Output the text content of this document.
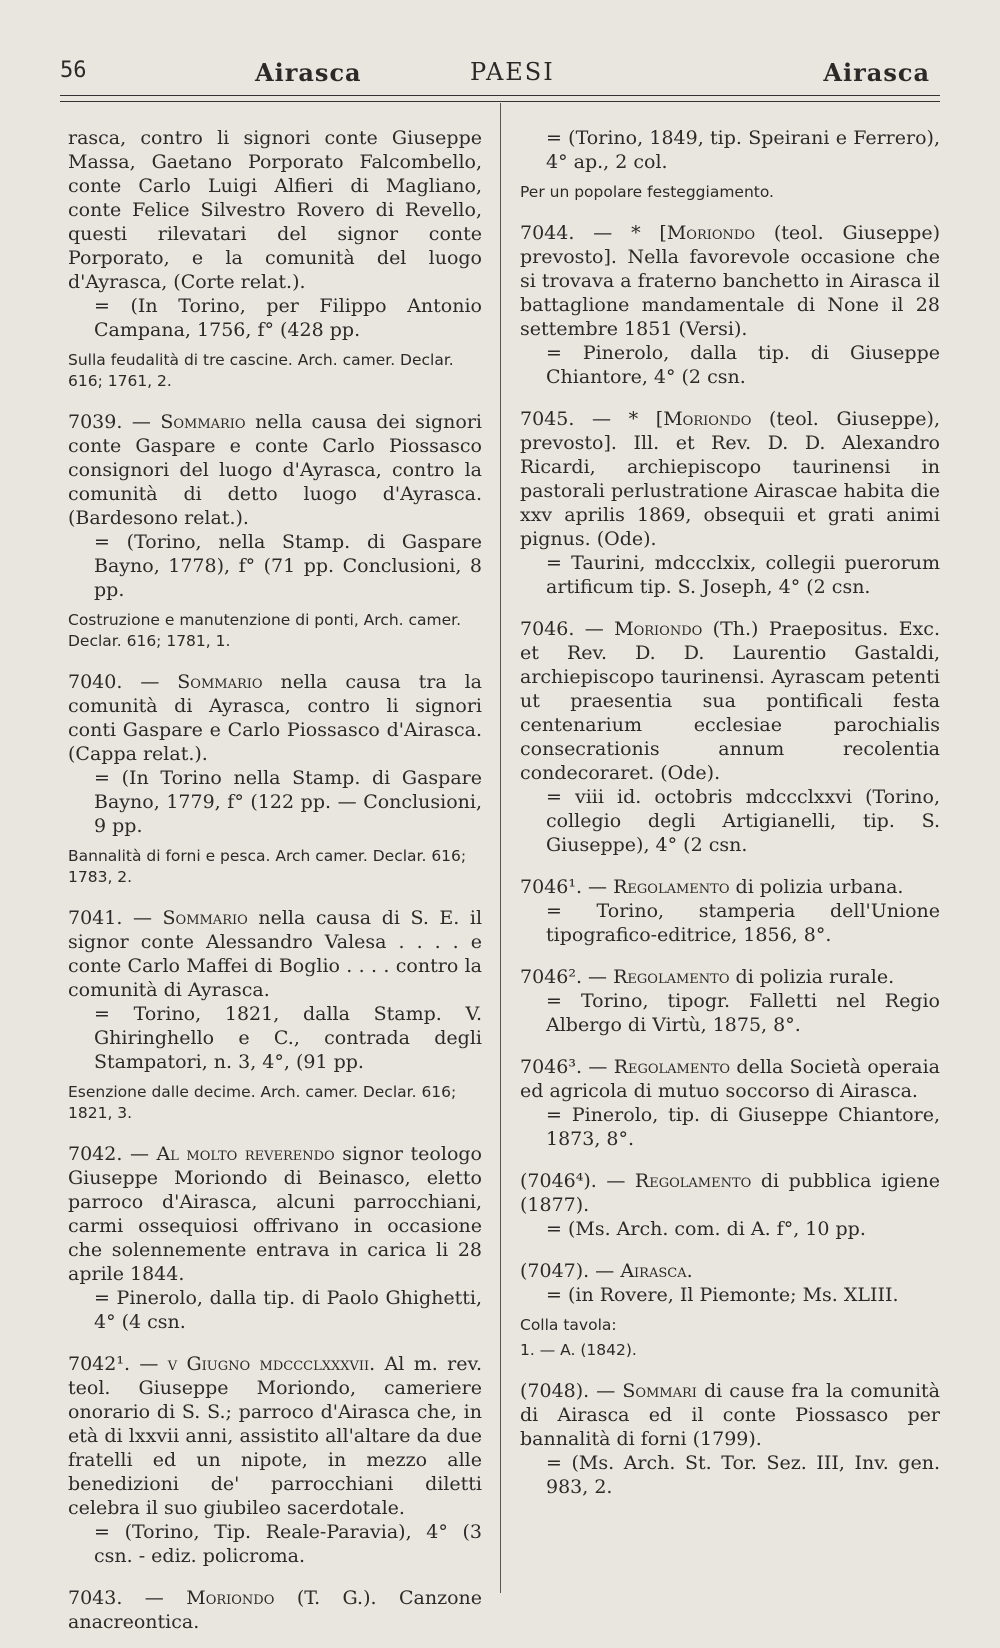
56	Airasca	PAESI	Airasca

rasca, contro li signori conte Giuseppe Massa, Gaetano Porporato Falcombello, conte Carlo Luigi Alfieri di Magliano, conte Felice Silvestro Rovero di Revello, questi rilevatari del signor conte Porporato, e la comunità del luogo d'Ayrasca, (Corte relat.).

= (In Torino, per Filippo Antonio Campana, 1756, f° (428 pp.

Sulla feudalità di tre cascine. Arch. camer. Declar. 616; 1761, 2.

7039. — Sommario nella causa dei signori conte Gaspare e conte Carlo Piossasco consignori del luogo d'Ayrasca, contro la comunità di detto luogo d'Ayrasca. (Bardesono relat.).

= (Torino, nella Stamp. di Gaspare Bayno, 1778), f° (71 pp. Conclusioni, 8 pp.

Costruzione e manutenzione di ponti, Arch. camer. Declar. 616; 1781, 1.

7040. — Sommario nella causa tra la comunità di Ayrasca, contro li signori conti Gaspare e Carlo Piossasco d'Airasca. (Cappa relat.).

= (In Torino nella Stamp. di Gaspare Bayno, 1779, f° (122 pp. — Conclusioni, 9 pp.

Bannalità di forni e pesca. Arch camer. Declar. 616; 1783, 2.

7041. — Sommario nella causa di S. E. il signor conte Alessandro Valesa . . . . e conte Carlo Maffei di Boglio . . . . contro la comunità di Ayrasca.

= Torino, 1821, dalla Stamp. V. Ghiringhello e C., contrada degli Stampatori, n. 3, 4°, (91 pp.

Esenzione dalle decime. Arch. camer. Declar. 616; 1821, 3.

7042. — Al molto reverendo signor teologo Giuseppe Moriondo di Beinasco, eletto parroco d'Airasca, alcuni parrocchiani, carmi ossequiosi offrivano in occasione che solennemente entrava in carica li 28 aprile 1844.

= Pinerolo, dalla tip. di Paolo Ghighetti, 4° (4 csn.

7042¹. — v Giugno mdccclxxxvii. Al m. rev. teol. Giuseppe Moriondo, cameriere onorario di S. S.; parroco d'Airasca che, in età di lxxvii anni, assistito all'altare da due fratelli ed un nipote, in mezzo alle benedizioni de' parrocchiani diletti celebra il suo giubileo sacerdotale.

= (Torino, Tip. Reale-Paravia), 4° (3 csn. - ediz. policroma.

7043. — Moriondo (T. G.). Canzone anacreontica.

= (Torino, 1849, tip. Speirani e Ferrero), 4° ap., 2 col.

Per un popolare festeggiamento.

7044. — * [Moriondo (teol. Giuseppe) prevosto]. Nella favorevole occasione che si trovava a fraterno banchetto in Airasca il battaglione mandamentale di None il 28 settembre 1851 (Versi).

= Pinerolo, dalla tip. di Giuseppe Chiantore, 4° (2 csn.

7045. — * [Moriondo (teol. Giuseppe), prevosto]. Ill. et Rev. D. D. Alexandro Ricardi, archiepiscopo taurinensi in pastorali perlustratione Airascae habita die xxv aprilis 1869, obsequii et grati animi pignus. (Ode).

= Taurini, mdccclxix, collegii puerorum artificum tip. S. Joseph, 4° (2 csn.

7046. — Moriondo (Th.) Praepositus. Exc. et Rev. D. D. Laurentio Gastaldi, archiepiscopo taurinensi. Ayrascam petenti ut praesentia sua pontificali festa centenarium ecclesiae parochialis consecrationis annum recolentia condecoraret. (Ode).

= viii id. octobris mdccclxxvi (Torino, collegio degli Artigianelli, tip. S. Giuseppe), 4° (2 csn.

7046¹. — Regolamento di polizia urbana.

= Torino, stamperia dell'Unione tipografico-editrice, 1856, 8°.

7046². — Regolamento di polizia rurale.

= Torino, tipogr. Falletti nel Regio Albergo di Virtù, 1875, 8°.

7046³. — Regolamento della Società operaia ed agricola di mutuo soccorso di Airasca.

= Pinerolo, tip. di Giuseppe Chiantore, 1873, 8°.

(7046⁴). — Regolamento di pubblica igiene (1877).

= (Ms. Arch. com. di A. f°, 10 pp.

(7047). — Airasca.

= (in Rovere, Il Piemonte; Ms. XLIII.

Colla tavola:

1. — A. (1842).

(7048). — Sommari di cause fra la comunità di Airasca ed il conte Piossasco per bannalità di forni (1799).

= (Ms. Arch. St. Tor. Sez. III, Inv. gen. 983, 2.
